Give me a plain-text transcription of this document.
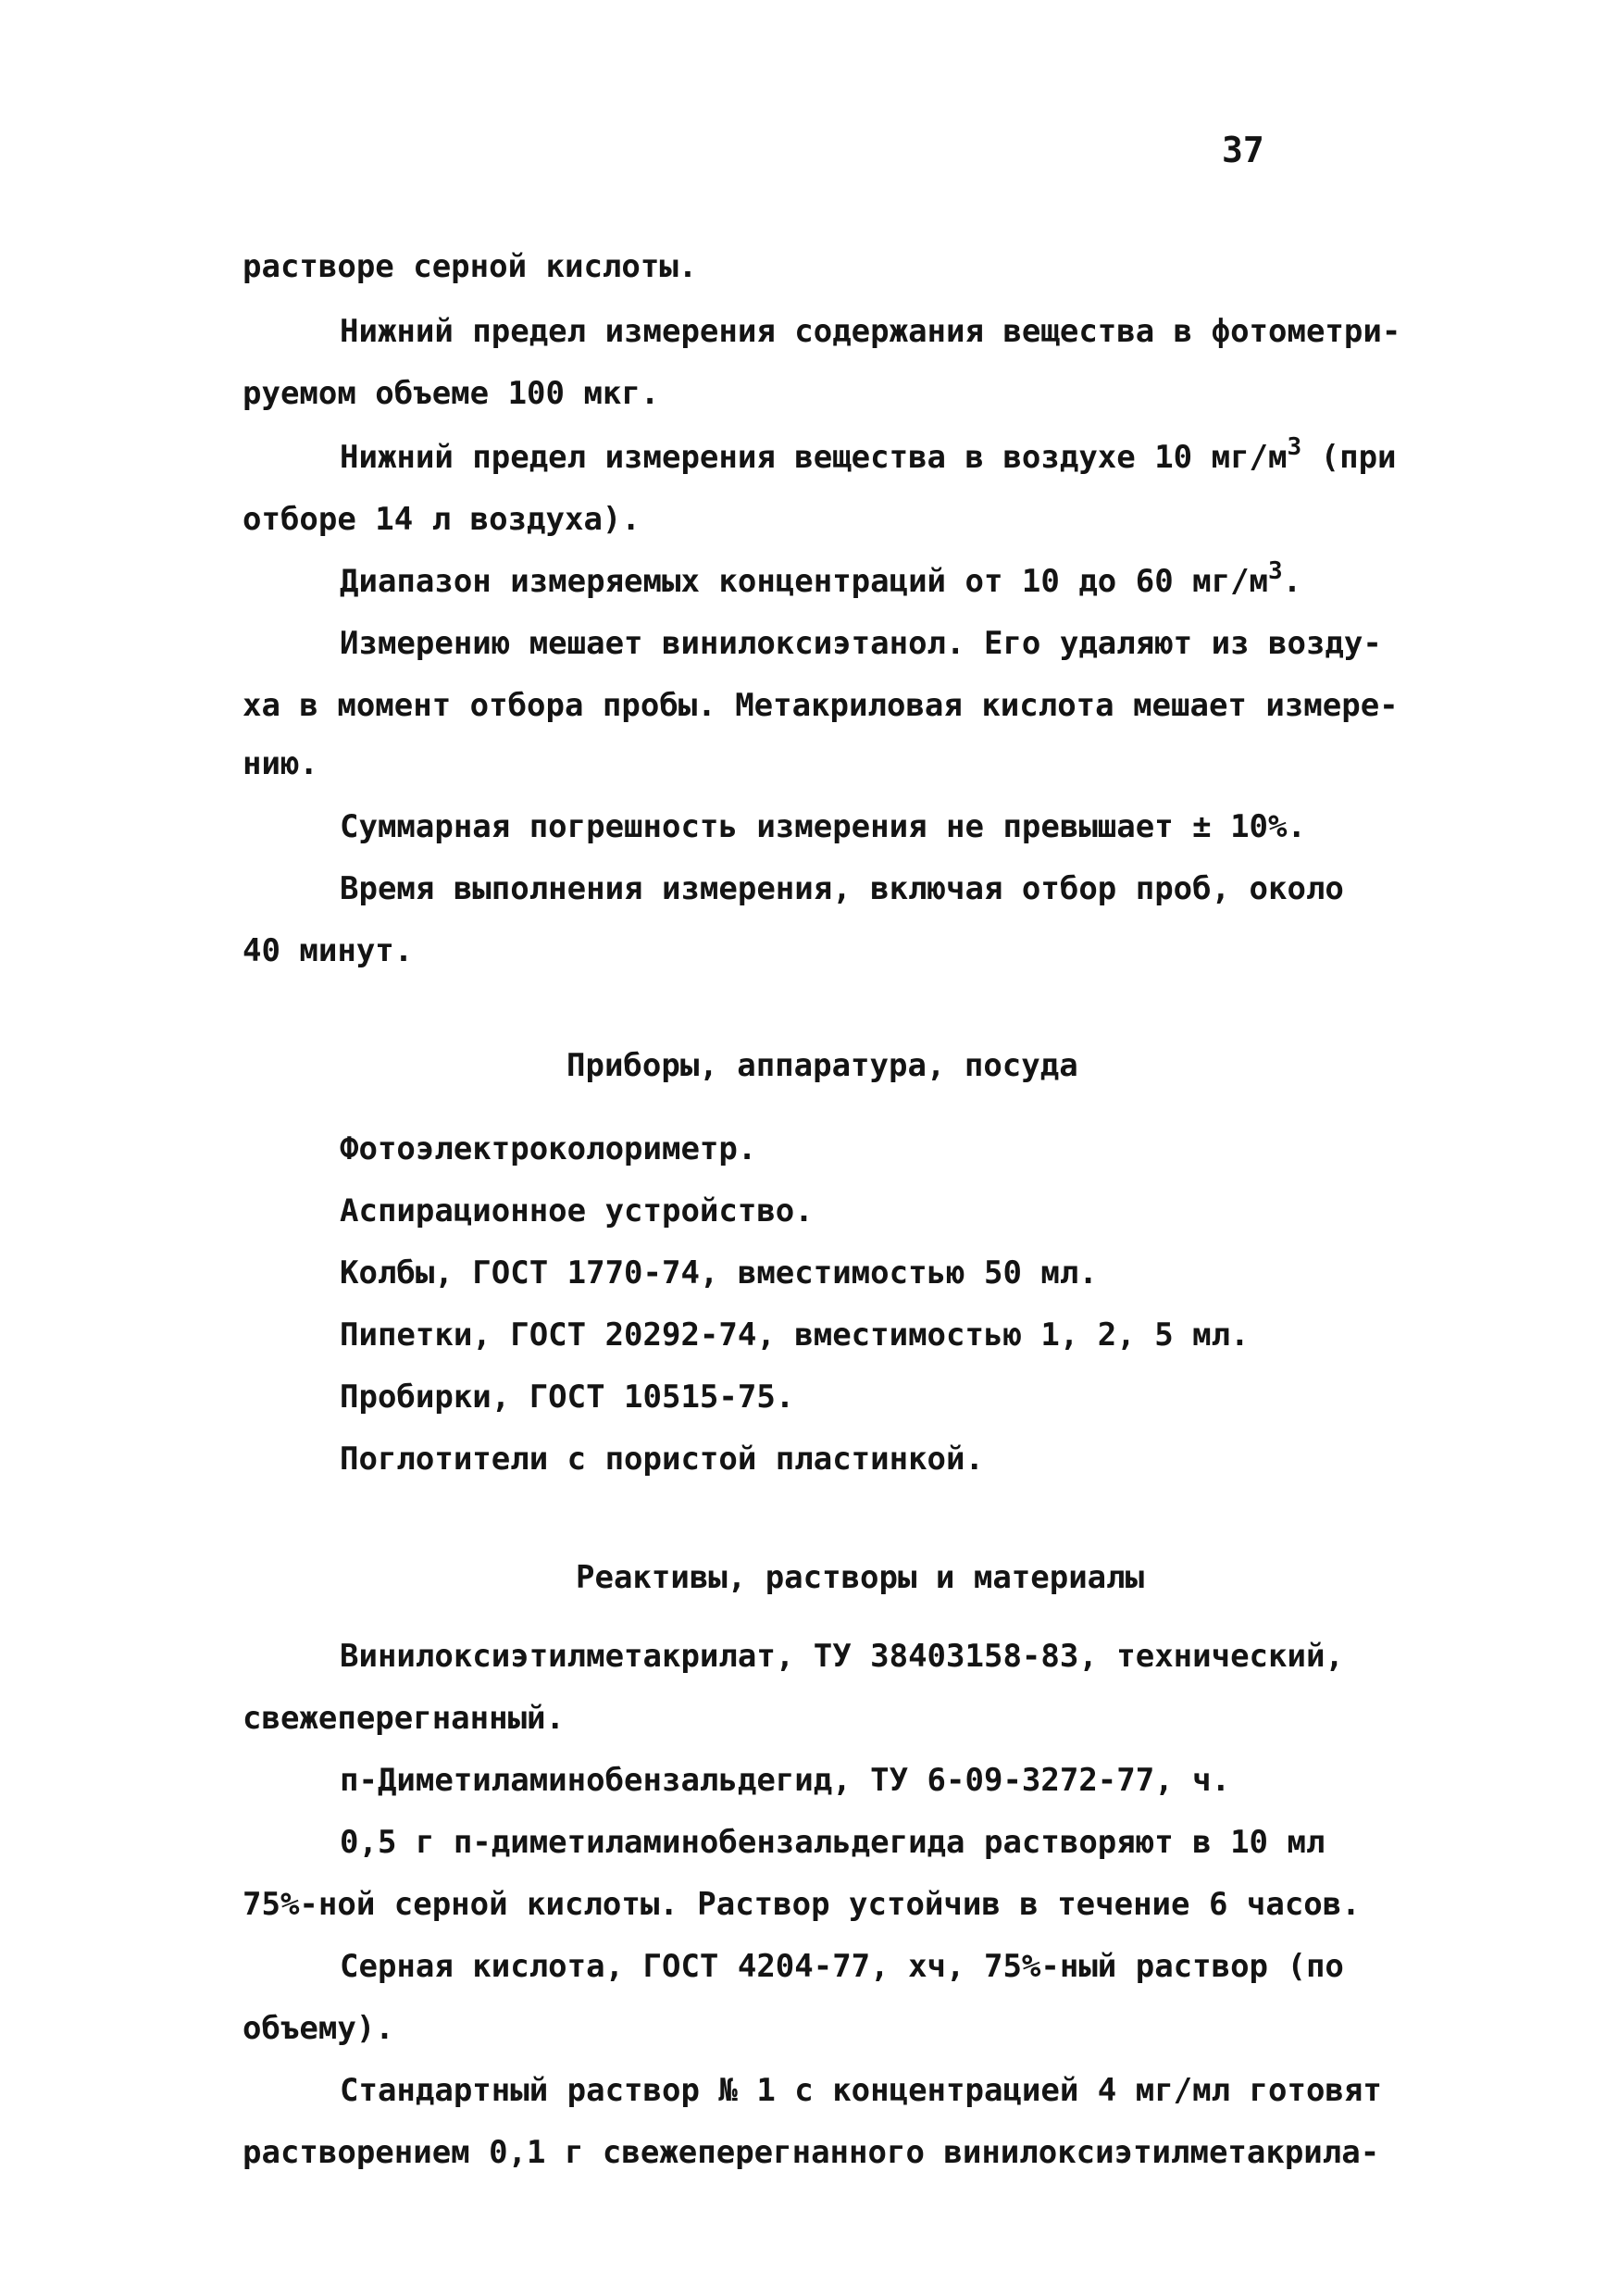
37
растворе серной кислоты.
Нижний предел измерения содержания вещества в фотометри-
руемом объеме 100 мкг.
Нижний предел измерения вещества в воздухе 10 $мг/м^3$ (при
отборе 14 л воздуха).
Диапазон измеряемых концентраций от 10 до 60 $мг/м^3$.
Измерению мешает винилоксиэтанол. Его удаляют из возду-
ха в момент отбора пробы. Метакриловая кислота мешает измере-
нию.
Суммарная погрешность измерения не превышает ± 10%.
Время выполнения измерения, включая отбор проб, около
40 минут.
Приборы, аппаратура, посуда
Фотоэлектроколориметр.
Аспирационное устройство.
Колбы, ГОСТ 1770-74, вместимостью 50 мл.
Пипетки, ГОСТ 20292-74, вместимостью 1, 2, 5 мл.
Пробирки, ГОСТ 10515-75.
Поглотители с пористой пластинкой.
Реактивы, растворы и материалы
Винилоксиэтилметакрилат, ТУ 38403158-83, технический,
свежеперегнанный.
п-Диметиламинобензальдегид, ТУ 6-09-3272-77, ч.
0,5 г п-диметиламинобензальдегида растворяют в 10 мл
75%-ной серной кислоты. Раствор устойчив в течение 6 часов.
Серная кислота, ГОСТ 4204-77, хч, 75%-ный раствор (по
объему).
Стандартный раствор № 1 с концентрацией 4 мг/мл готовят
растворением 0,1 г свежеперегнанного винилоксиэтилметакрила-
